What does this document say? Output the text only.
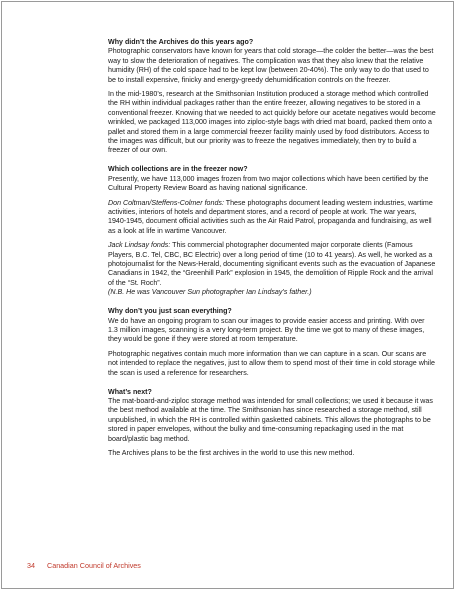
Why didn’t the Archives do this years ago?

Photographic conservators have known for years that cold storage—the colder the better—was the best way to slow the deterioration of negatives. The complication was that they also knew that the relative humidity (RH) of the cold space had to be kept low (between 20-40%). The only way to do that used to be to install expensive, finicky and energy-greedy dehumidification controls on the freezer.

In the mid-1980’s, research at the Smithsonian Institution produced a storage method which controlled the RH within individual packages rather than the entire freezer, allowing negatives to be stored in a conventional freezer. Knowing that we needed to act quickly before our acetate negatives would become wrinkled, we packaged 113,000 images into ziploc-style bags with dried mat board, packed them onto a pallet and stored them in a large commercial freezer facility mainly used by food distributors. Access to the images was difficult, but our priority was to freeze the negatives immediately, then try to build a freezer of our own.

Which collections are in the freezer now?

Presently, we have 113,000 images frozen from two major collections which have been certified by the Cultural Property Review Board as having national significance.

Don Coltman/Steffens-Colmer fonds: These photographs document leading western industries, wartime activities, interiors of hotels and department stores, and a record of people at work. The war years, 1940-1945, document official activities such as the Air Raid Patrol, propaganda and fundraising, as well as a look at life in wartime Vancouver.

Jack Lindsay fonds: This commercial photographer documented major corporate clients (Famous Players, B.C. Tel, CBC, BC Electric) over a long period of time (10 to 41 years). As well, he worked as a photojournalist for the News-Herald, documenting significant events such as the evacuation of Japanese Canadians in 1942, the “Greenhill Park” explosion in 1945, the demolition of Ripple Rock and the arrival of the “St. Roch”.
(N.B. He was Vancouver Sun photographer Ian Lindsay’s father.)

Why don’t you just scan everything?

We do have an ongoing program to scan our images to provide easier access and printing. With over 1.3 million images, scanning is a very long-term project. By the time we got to many of these images, they would be gone if they were stored at room temperature.

Photographic negatives contain much more information than we can capture in a scan. Our scans are not intended to replace the negatives, just to allow them to spend most of their time in cold storage while the scan is used a reference for researchers.

What’s next?

The mat-board-and-ziploc storage method was intended for small collections; we used it because it was the best method available at the time. The Smithsonian has since researched a storage method, still unpublished, in which the RH is controlled within gasketted cabinets. This allows the photographs to be stored in paper envelopes, without the bulky and time-consuming repackaging used in the mat board/plastic bag method.

The Archives plans to be the first archives in the world to use this new method.

34 Canadian Council of Archives
